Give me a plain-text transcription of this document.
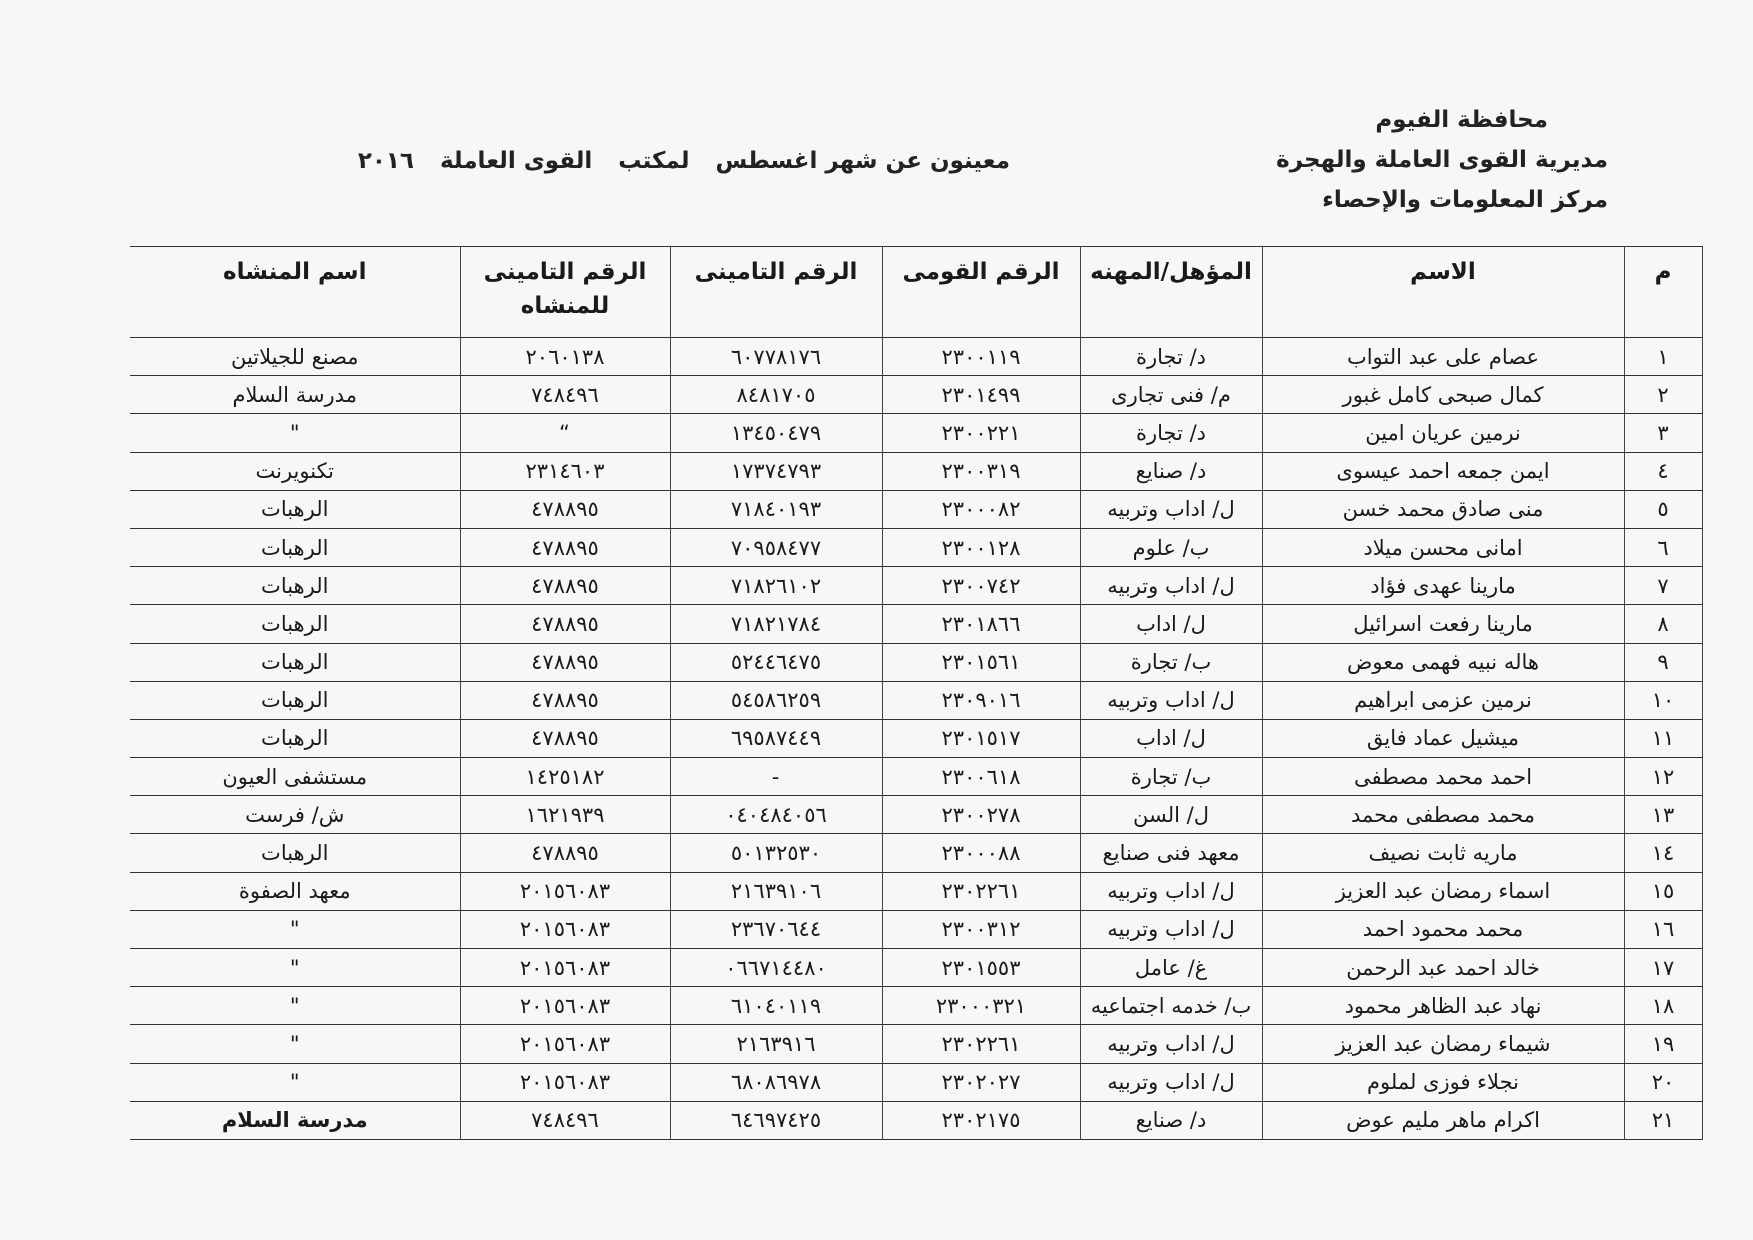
محافظة الفيوم
مديرية القوى العاملة والهجرة
مركز المعلومات والإحصاء
معينون عن شهر اغسطس لمكتب القوى العاملة ٢٠١٦
م	الاسم	المؤهل/المهنه	الرقم القومى	الرقم التامينى	الرقم التامينى للمنشاه	اسم المنشاه
١	عصام على عبد التواب	د/ تجارة	٢٣٠٠١١٩	٦٠٧٧٨١٧٦	٢٠٦٠١٣٨	مصنع للجيلاتين
٢	كمال صبحى كامل غبور	م/ فنى تجارى	٢٣٠١٤٩٩	٨٤٨١٧٠٥	٧٤٨٤٩٦	مدرسة السلام
٣	نرمين عريان امين	د/ تجارة	٢٣٠٠٢٢١	١٣٤٥٠٤٧٩	“	"
٤	ايمن جمعه احمد عيسوى	د/ صنايع	٢٣٠٠٣١٩	١٧٣٧٤٧٩٣	٢٣١٤٦٠٣	تكنويرنت
٥	منى صادق محمد خسن	ل/ اداب وتربيه	٢٣٠٠٠٨٢	٧١٨٤٠١٩٣	٤٧٨٨٩٥	الرهبات
٦	امانى محسن ميلاد	ب/ علوم	٢٣٠٠١٢٨	٧٠٩٥٨٤٧٧	٤٧٨٨٩٥	الرهبات
٧	مارينا عهدى فؤاد	ل/ اداب وتربيه	٢٣٠٠٧٤٢	٧١٨٢٦١٠٢	٤٧٨٨٩٥	الرهبات
٨	مارينا رفعت اسرائيل	ل/ اداب	٢٣٠١٨٦٦	٧١٨٢١٧٨٤	٤٧٨٨٩٥	الرهبات
٩	هاله نبيه فهمى معوض	ب/ تجارة	٢٣٠١٥٦١	٥٢٤٤٦٤٧٥	٤٧٨٨٩٥	الرهبات
١٠	نرمين عزمى ابراهيم	ل/ اداب وتربيه	٢٣٠٩٠١٦	٥٤٥٨٦٢٥٩	٤٧٨٨٩٥	الرهبات
١١	ميشيل عماد فايق	ل/ اداب	٢٣٠١٥١٧	٦٩٥٨٧٤٤٩	٤٧٨٨٩٥	الرهبات
١٢	احمد محمد مصطفى	ب/ تجارة	٢٣٠٠٦١٨	-	١٤٢٥١٨٢	مستشفى العيون
١٣	محمد مصطفى محمد	ل/ السن	٢٣٠٠٢٧٨	٠٤٠٤٨٤٠٥٦	١٦٢١٩٣٩	ش/ فرست
١٤	ماريه ثابت نصيف	معهد فنى صنايع	٢٣٠٠٠٨٨	٥٠١٣٢٥٣٠	٤٧٨٨٩٥	الرهبات
١٥	اسماء رمضان عبد العزيز	ل/ اداب وتربيه	٢٣٠٢٢٦١	٢١٦٣٩١٠٦	٢٠١٥٦٠٨٣	معهد الصفوة
١٦	محمد محمود احمد	ل/ اداب وتربيه	٢٣٠٠٣١٢	٢٣٦٧٠٦٤٤	٢٠١٥٦٠٨٣	"
١٧	خالد احمد عبد الرحمن	غ/ عامل	٢٣٠١٥٥٣	٠٦٦٧١٤٤٨٠	٢٠١٥٦٠٨٣	"
١٨	نهاد عبد الظاهر محمود	ب/ خدمه اجتماعيه	٢٣٠٠٠٣٢١	٦١٠٤٠١١٩	٢٠١٥٦٠٨٣	"
١٩	شيماء رمضان عبد العزيز	ل/ اداب وتربيه	٢٣٠٢٢٦١	٢١٦٣٩١٦	٢٠١٥٦٠٨٣	"
٢٠	نجلاء فوزى لملوم	ل/ اداب وتربيه	٢٣٠٢٠٢٧	٦٨٠٨٦٩٧٨	٢٠١٥٦٠٨٣	"
٢١	اكرام ماهر مليم عوض	د/ صنايع	٢٣٠٢١٧٥	٦٤٦٩٧٤٢٥	٧٤٨٤٩٦	مدرسة السلام
